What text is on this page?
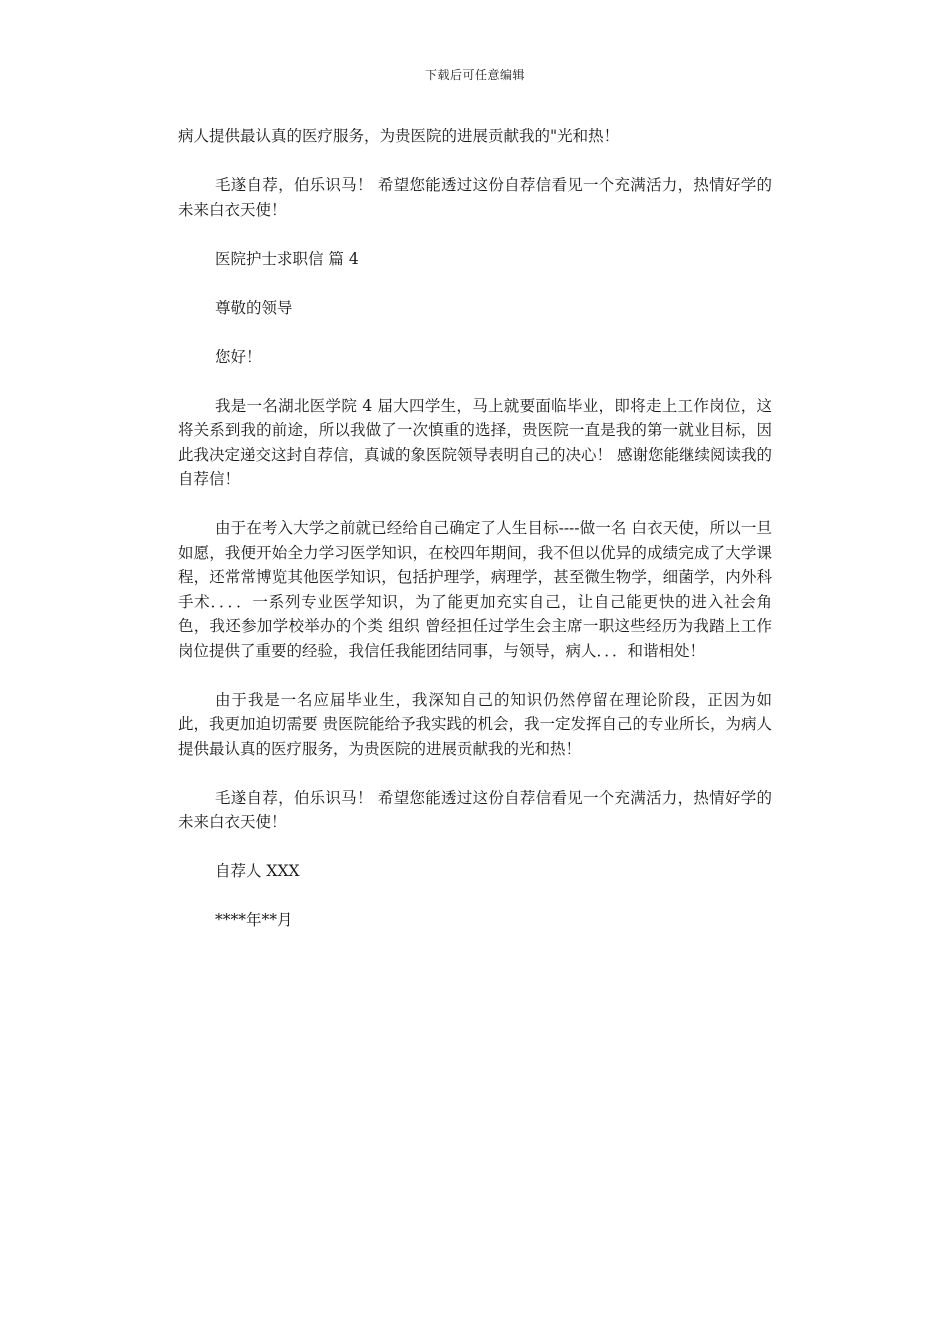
下载后可任意编辑

病人提供最认真的医疗服务，为贵医院的进展贡献我的"光和热！

毛遂自荐，伯乐识马！ 希望您能透过这份自荐信看见一个充满活力，热情好学的未来白衣天使！

医院护士求职信 篇 4

尊敬的领导

您好！

我是一名湖北医学院 4 届大四学生，马上就要面临毕业，即将走上工作岗位，这将关系到我的前途，所以我做了一次慎重的选择，贵医院一直是我的第一就业目标，因此我决定递交这封自荐信，真诚的象医院领导表明自己的决心！ 感谢您能继续阅读我的自荐信！

由于在考入大学之前就已经给自己确定了人生目标----做一名 白衣天使，所以一旦如愿，我便开始全力学习医学知识，在校四年期间，我不但以优异的成绩完成了大学课程，还常常博览其他医学知识，包括护理学，病理学，甚至微生物学，细菌学，内外科手术．．．．一系列专业医学知识，为了能更加充实自己，让自己能更快的进入社会角色，我还参加学校举办的个类 组织 曾经担任过学生会主席一职这些经历为我踏上工作岗位提供了重要的经验，我信任我能团结同事，与领导，病人．．．和谐相处！

由于我是一名应届毕业生，我深知自己的知识仍然停留在理论阶段，正因为如此，我更加迫切需要 贵医院能给予我实践的机会，我一定发挥自己的专业所长，为病人提供最认真的医疗服务，为贵医院的进展贡献我的光和热！

毛遂自荐，伯乐识马！ 希望您能透过这份自荐信看见一个充满活力，热情好学的未来白衣天使！

自荐人 XXX

****年**月
